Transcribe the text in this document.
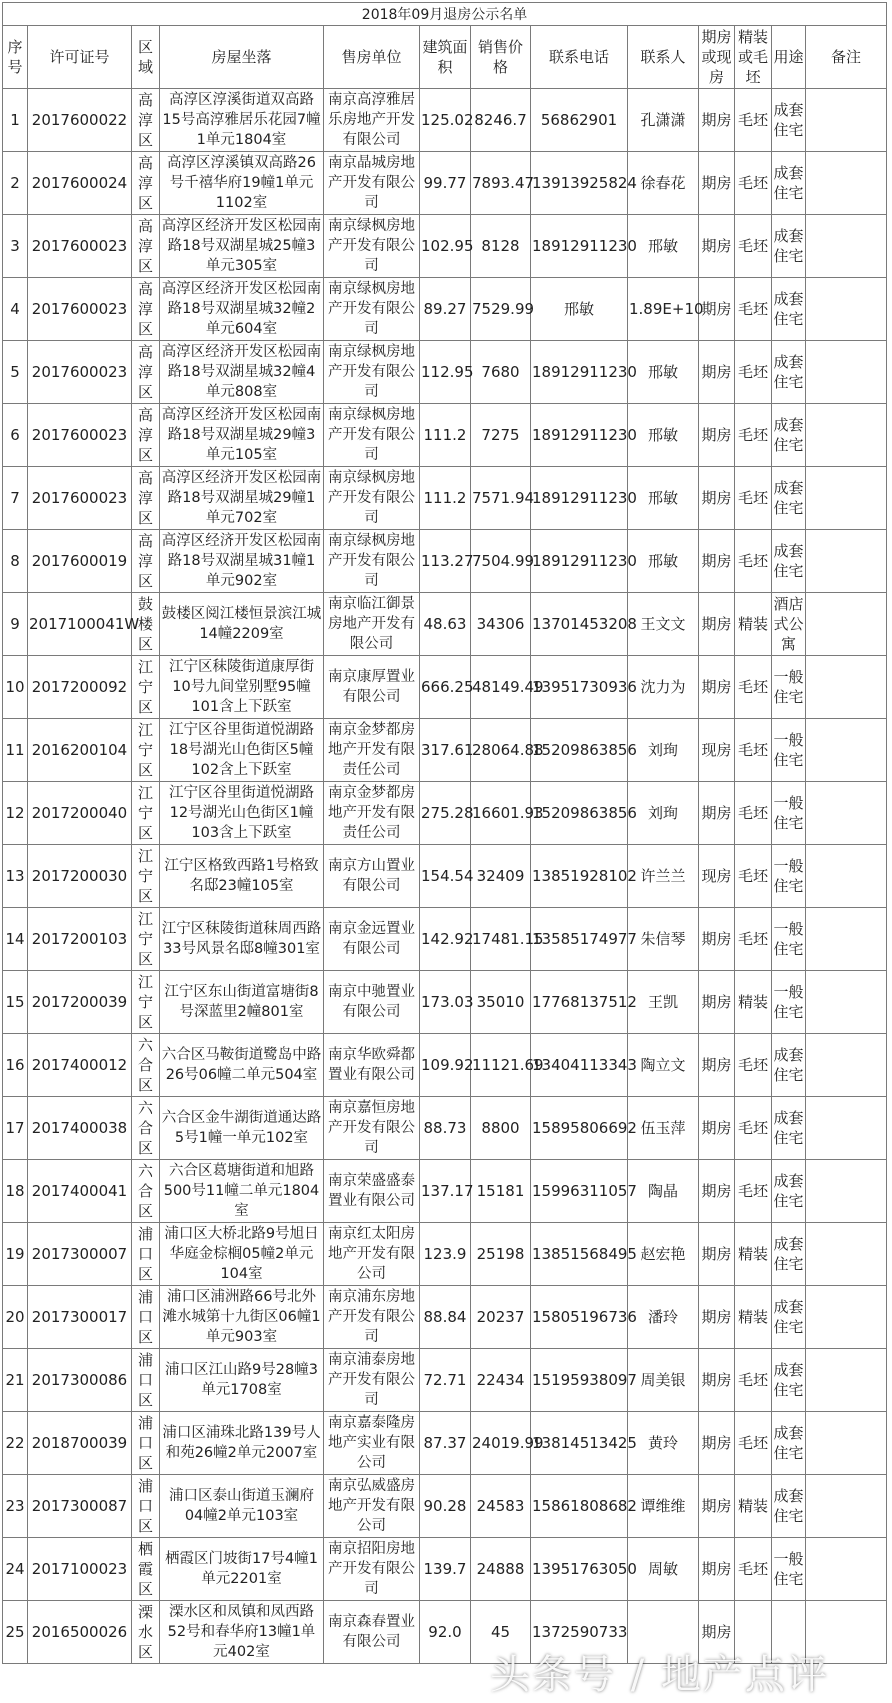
2018年09月退房公示名单												
序号	许可证号	区域	房屋坐落	售房单位	建筑面积	销售价格	联系电话	联系人	期房或现房	精装或毛坯	用途	备注
1	2017600022	高淳区	高淳区淳溪街道双高路15号高淳雅居乐花园7幢1单元1804室	南京高淳雅居乐房地产开发有限公司	125.02	8246.7	56862901	孔潇潇	期房	毛坯	成套住宅	
2	2017600024	高淳区	高淳区淳溪镇双高路26号千禧华府19幢1单元1102室	南京晶城房地产开发有限公司	99.77	7893.47	13913925824	徐春花	期房	毛坯	成套住宅	
3	2017600023	高淳区	高淳区经济开发区松园南路18号双湖星城25幢3单元305室	南京绿枫房地产开发有限公司	102.95	8128	18912911230	邢敏	期房	毛坯	成套住宅	
4	2017600023	高淳区	高淳区经济开发区松园南路18号双湖星城32幢2单元604室	南京绿枫房地产开发有限公司	89.27	7529.99	邢敏	1.89E+10	期房	毛坯	成套住宅	
5	2017600023	高淳区	高淳区经济开发区松园南路18号双湖星城32幢4单元808室	南京绿枫房地产开发有限公司	112.95	7680	18912911230	邢敏	期房	毛坯	成套住宅	
6	2017600023	高淳区	高淳区经济开发区松园南路18号双湖星城29幢3单元105室	南京绿枫房地产开发有限公司	111.2	7275	18912911230	邢敏	期房	毛坯	成套住宅	
7	2017600023	高淳区	高淳区经济开发区松园南路18号双湖星城29幢1单元702室	南京绿枫房地产开发有限公司	111.2	7571.94	18912911230	邢敏	期房	毛坯	成套住宅	
8	2017600019	高淳区	高淳区经济开发区松园南路18号双湖星城31幢1单元902室	南京绿枫房地产开发有限公司	113.27	7504.99	18912911230	邢敏	期房	毛坯	成套住宅	
9	2017100041W	鼓楼区	鼓楼区阅江楼恒景滨江城14幢2209室	南京临江御景房地产开发有限公司	48.63	34306	13701453208	王文文	期房	精装	酒店式公寓	
10	2017200092	江宁区	江宁区秣陵街道康厚街10号九间堂别墅95幢101含上下跃室	南京康厚置业有限公司	666.25	48149.49	13951730936	沈力为	期房	毛坯	一般住宅	
11	2016200104	江宁区	江宁区谷里街道悦湖路18号湖光山色街区5幢102含上下跃室	南京金梦都房地产开发有限责任公司	317.61	28064.88	15209863856	刘珣	现房	毛坯	一般住宅	
12	2017200040	江宁区	江宁区谷里街道悦湖路12号湖光山色街区1幢103含上下跃室	南京金梦都房地产开发有限责任公司	275.28	16601.93	15209863856	刘珣	期房	毛坯	一般住宅	
13	2017200030	江宁区	江宁区格致西路1号格致名邸23幢105室	南京方山置业有限公司	154.54	32409	13851928102	许兰兰	现房	毛坯	一般住宅	
14	2017200103	江宁区	江宁区秣陵街道秣周西路33号风景名邸8幢301室	南京金远置业有限公司	142.92	17481.15	13585174977	朱信琴	期房	毛坯	一般住宅	
15	2017200039	江宁区	江宁区东山街道富塘街8号深蓝里2幢801室	南京中驰置业有限公司	173.03	35010	17768137512	王凯	期房	精装	一般住宅	
16	2017400012	六合区	六合区马鞍街道鹭岛中路26号06幢二单元504室	南京华欧舜都置业有限公司	109.92	11121.69	13404113343	陶立文	期房	毛坯	成套住宅	
17	2017400038	六合区	六合区金牛湖街道通达路5号1幢一单元102室	南京嘉恒房地产开发有限公司	88.73	8800	15895806692	伍玉萍	期房	毛坯	成套住宅	
18	2017400041	六合区	六合区葛塘街道和旭路500号11幢二单元1804室	南京荣盛盛泰置业有限公司	137.17	15181	15996311057	陶晶	期房	毛坯	成套住宅	
19	2017300007	浦口区	浦口区大桥北路9号旭日华庭金棕榈05幢2单元104室	南京红太阳房地产开发有限公司	123.9	25198	13851568495	赵宏艳	期房	精装	成套住宅	
20	2017300017	浦口区	浦口区浦洲路66号北外滩水城第十九街区06幢1单元903室	南京浦东房地产开发有限公司	88.84	20237	15805196736	潘玲	期房	精装	成套住宅	
21	2017300086	浦口区	浦口区江山路9号28幢3单元1708室	南京浦泰房地产开发有限公司	72.71	22434	15195938097	周美银	期房	毛坯	成套住宅	
22	2018700039	浦口区	浦口区浦珠北路139号人和苑26幢2单元2007室	南京嘉泰隆房地产实业有限公司	87.37	24019.99	13814513425	黄玲	期房	毛坯	成套住宅	
23	2017300087	浦口区	浦口区泰山街道玉澜府04幢2单元103室	南京弘威盛房地产开发有限公司	90.28	24583	15861808682	谭维维	期房	精装	成套住宅	
24	2017100023	栖霞区	栖霞区门坡街17号4幢1单元2201室	南京招阳房地产开发有限公司	139.7	24888	13951763050	周敏	期房	毛坯	一般住宅	
25	2016500026	溧水区	溧水区和凤镇和凤西路52号和春华府13幢1单元402室	南京森春置业有限公司	92.0	45	1372590733		期房			
头条号 / 地产点评
